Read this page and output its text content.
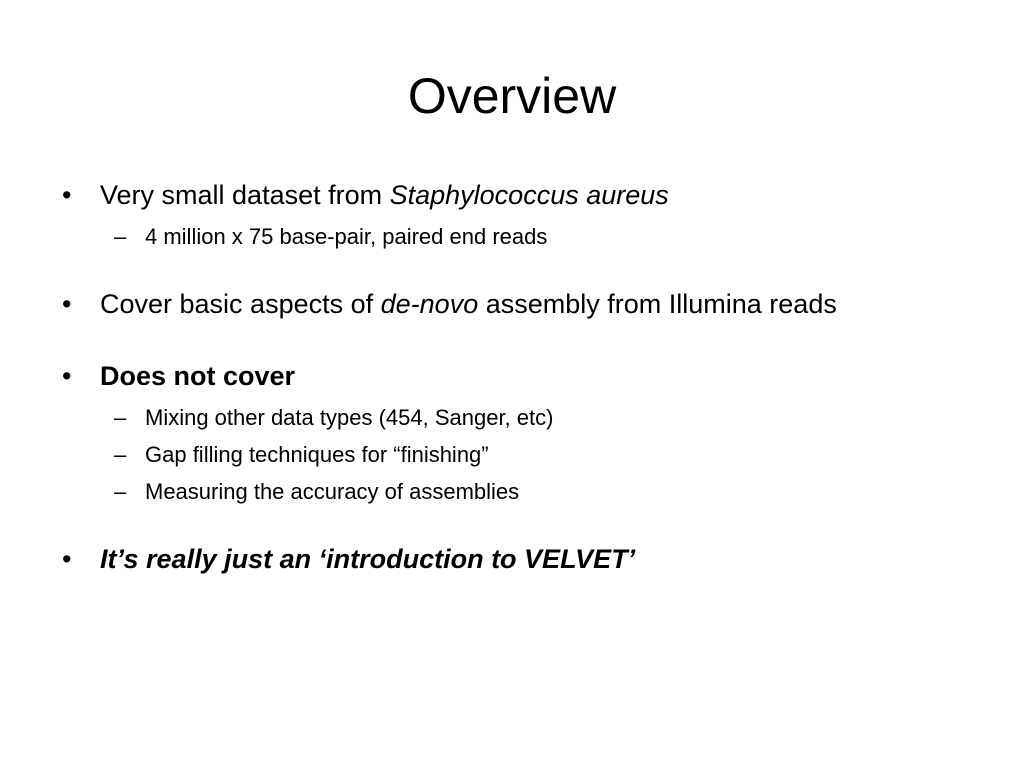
Overview
•	Very small dataset from Staphylococcus aureus
– 4 million x 75 base-pair, paired end reads
•	Cover basic aspects of de-novo assembly from Illumina reads
•	Does not cover
– Mixing other data types (454, Sanger, etc)
– Gap filling techniques for “finishing”
– Measuring the accuracy of assemblies
•	It’s really just an ‘introduction to VELVET’
